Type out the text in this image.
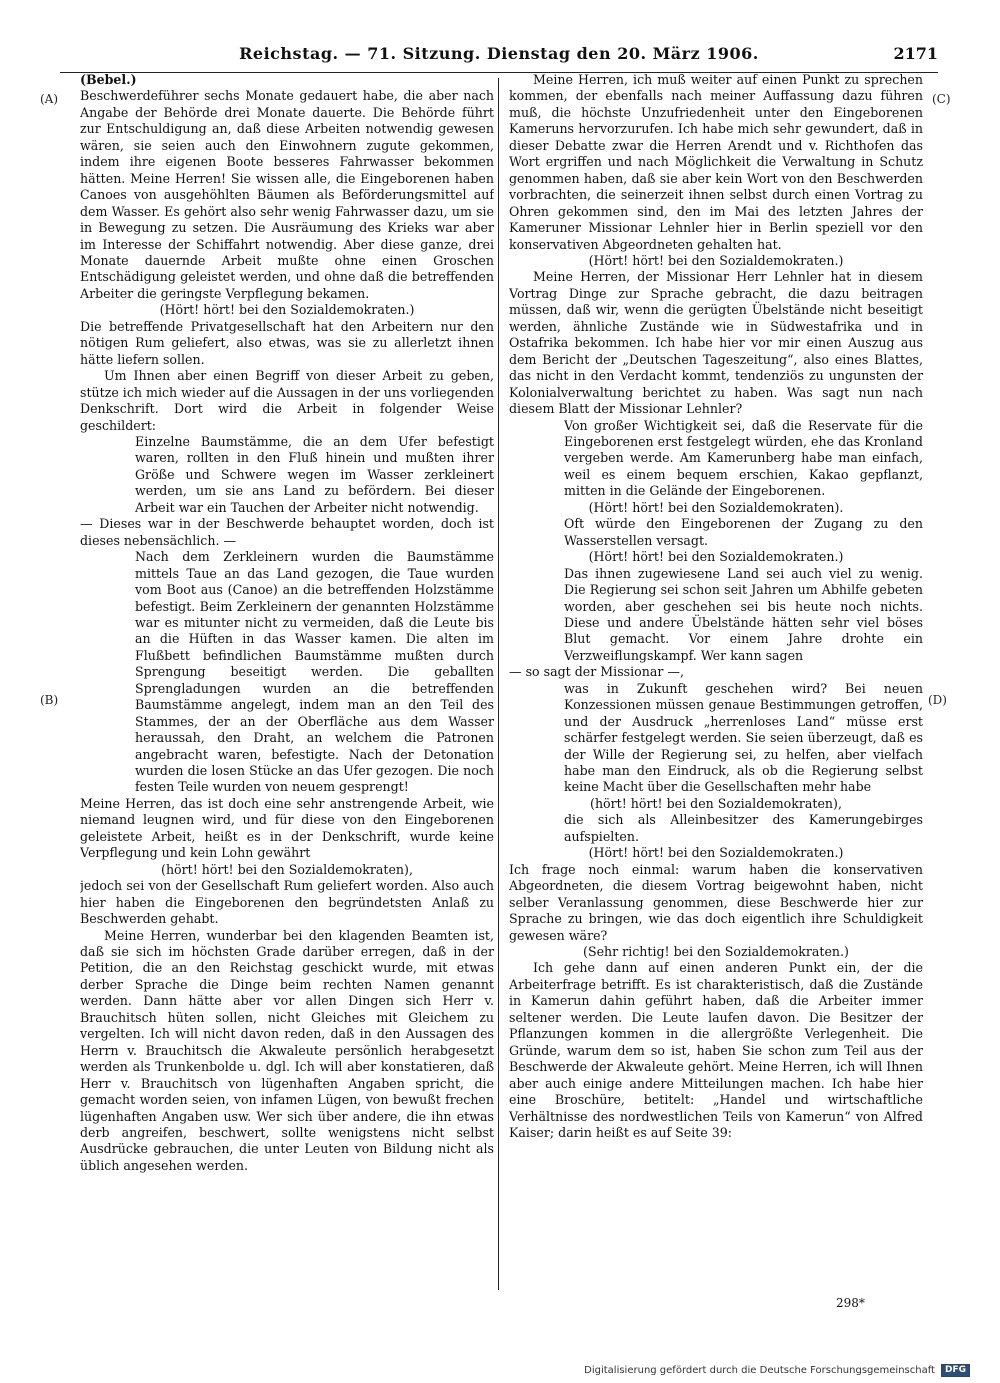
Reichstag. — 71. Sitzung. Dienstag den 20. März 1906.	2171
(A)
(B)
(C)
(D)

(Bebel.)

Beschwerdeführer sechs Monate gedauert habe, die aber nach Angabe der Behörde drei Monate dauerte. Die Behörde führt zur Entschuldigung an, daß diese Arbeiten notwendig gewesen wären, sie seien auch den Einwohnern zugute gekommen, indem ihre eigenen Boote besseres Fahrwasser bekommen hätten. Meine Herren! Sie wissen alle, die Eingeborenen haben Canoes von ausgehöhlten Bäumen als Beförderungsmittel auf dem Wasser. Es gehört also sehr wenig Fahrwasser dazu, um sie in Bewegung zu setzen. Die Ausräumung des Krieks war aber im Interesse der Schiffahrt notwendig. Aber diese ganze, drei Monate dauernde Arbeit mußte ohne einen Groschen Entschädigung geleistet werden, und ohne daß die betreffenden Arbeiter die geringste Verpflegung bekamen.

(Hört! hört! bei den Sozialdemokraten.)

Die betreffende Privatgesellschaft hat den Arbeitern nur den nötigen Rum geliefert, also etwas, was sie zu allerletzt ihnen hätte liefern sollen.

Um Ihnen aber einen Begriff von dieser Arbeit zu geben, stütze ich mich wieder auf die Aussagen in der uns vorliegenden Denkschrift. Dort wird die Arbeit in folgender Weise geschildert:

Einzelne Baumstämme, die an dem Ufer befestigt waren, rollten in den Fluß hinein und mußten ihrer Größe und Schwere wegen im Wasser zerkleinert werden, um sie ans Land zu befördern. Bei dieser Arbeit war ein Tauchen der Arbeiter nicht notwendig.

— Dieses war in der Beschwerde behauptet worden, doch ist dieses nebensächlich. —

Nach dem Zerkleinern wurden die Baumstämme mittels Taue an das Land gezogen, die Taue wurden vom Boot aus (Canoe) an die betreffenden Holzstämme befestigt. Beim Zerkleinern der genannten Holzstämme war es mitunter nicht zu vermeiden, daß die Leute bis an die Hüften in das Wasser kamen. Die alten im Flußbett befindlichen Baumstämme mußten durch Sprengung beseitigt werden. Die geballten Sprengladungen wurden an die betreffenden Baumstämme angelegt, indem man an den Teil des Stammes, der an der Oberfläche aus dem Wasser heraussah, den Draht, an welchem die Patronen angebracht waren, befestigte. Nach der Detonation wurden die losen Stücke an das Ufer gezogen. Die noch festen Teile wurden von neuem gesprengt!

Meine Herren, das ist doch eine sehr anstrengende Arbeit, wie niemand leugnen wird, und für diese von den Eingeborenen geleistete Arbeit, heißt es in der Denkschrift, wurde keine Verpflegung und kein Lohn gewährt

(hört! hört! bei den Sozialdemokraten),

jedoch sei von der Gesellschaft Rum geliefert worden. Also auch hier haben die Eingeborenen den begründetsten Anlaß zu Beschwerden gehabt.

Meine Herren, wunderbar bei den klagenden Beamten ist, daß sie sich im höchsten Grade darüber erregen, daß in der Petition, die an den Reichstag geschickt wurde, mit etwas derber Sprache die Dinge beim rechten Namen genannt werden. Dann hätte aber vor allen Dingen sich Herr v. Brauchitsch hüten sollen, nicht Gleiches mit Gleichem zu vergelten. Ich will nicht davon reden, daß in den Aussagen des Herrn v. Brauchitsch die Akwaleute persönlich herabgesetzt werden als Trunkenbolde u. dgl. Ich will aber konstatieren, daß Herr v. Brauchitsch von lügenhaften Angaben spricht, die gemacht worden seien, von infamen Lügen, von bewußt frechen lügenhaften Angaben usw. Wer sich über andere, die ihn etwas derb angreifen, beschwert, sollte wenigstens nicht selbst Ausdrücke gebrauchen, die unter Leuten von Bildung nicht als üblich angesehen werden.

Meine Herren, ich muß weiter auf einen Punkt zu sprechen kommen, der ebenfalls nach meiner Auffassung dazu führen muß, die höchste Unzufriedenheit unter den Eingeborenen Kameruns hervorzurufen. Ich habe mich sehr gewundert, daß in dieser Debatte zwar die Herren Arendt und v. Richthofen das Wort ergriffen und nach Möglichkeit die Verwaltung in Schutz genommen haben, daß sie aber kein Wort von den Beschwerden vorbrachten, die seinerzeit ihnen selbst durch einen Vortrag zu Ohren gekommen sind, den im Mai des letzten Jahres der Kameruner Missionar Lehnler hier in Berlin speziell vor den konservativen Abgeordneten gehalten hat.

(Hört! hört! bei den Sozialdemokraten.)

Meine Herren, der Missionar Herr Lehnler hat in diesem Vortrag Dinge zur Sprache gebracht, die dazu beitragen müssen, daß wir, wenn die gerügten Übelstände nicht beseitigt werden, ähnliche Zustände wie in Südwestafrika und in Ostafrika bekommen. Ich habe hier vor mir einen Auszug aus dem Bericht der „Deutschen Tageszeitung“, also eines Blattes, das nicht in den Verdacht kommt, tendenziös zu ungunsten der Kolonialverwaltung berichtet zu haben. Was sagt nun nach diesem Blatt der Missionar Lehnler?

Von großer Wichtigkeit sei, daß die Reservate für die Eingeborenen erst festgelegt würden, ehe das Kronland vergeben werde. Am Kamerunberg habe man einfach, weil es einem bequem erschien, Kakao gepflanzt, mitten in die Gelände der Eingeborenen.

(Hört! hört! bei den Sozialdemokraten).

Oft würde den Eingeborenen der Zugang zu den Wasserstellen versagt.

(Hört! hört! bei den Sozialdemokraten.)

Das ihnen zugewiesene Land sei auch viel zu wenig. Die Regierung sei schon seit Jahren um Abhilfe gebeten worden, aber geschehen sei bis heute noch nichts. Diese und andere Übelstände hätten sehr viel böses Blut gemacht. Vor einem Jahre drohte ein Verzweiflungskampf. Wer kann sagen

— so sagt der Missionar —,

was in Zukunft geschehen wird? Bei neuen Konzessionen müssen genaue Bestimmungen getroffen, und der Ausdruck „herrenloses Land“ müsse erst schärfer festgelegt werden. Sie seien überzeugt, daß es der Wille der Regierung sei, zu helfen, aber vielfach habe man den Eindruck, als ob die Regierung selbst keine Macht über die Gesellschaften mehr habe

(hört! hört! bei den Sozialdemokraten),

die sich als Alleinbesitzer des Kamerungebirges aufspielten.

(Hört! hört! bei den Sozialdemokraten.)

Ich frage noch einmal: warum haben die konservativen Abgeordneten, die diesem Vortrag beigewohnt haben, nicht selber Veranlassung genommen, diese Beschwerde hier zur Sprache zu bringen, wie das doch eigentlich ihre Schuldigkeit gewesen wäre?

(Sehr richtig! bei den Sozialdemokraten.)

Ich gehe dann auf einen anderen Punkt ein, der die Arbeiterfrage betrifft. Es ist charakteristisch, daß die Zustände in Kamerun dahin geführt haben, daß die Arbeiter immer seltener werden. Die Leute laufen davon. Die Besitzer der Pflanzungen kommen in die allergrößte Verlegenheit. Die Gründe, warum dem so ist, haben Sie schon zum Teil aus der Beschwerde der Akwaleute gehört. Meine Herren, ich will Ihnen aber auch einige andere Mitteilungen machen. Ich habe hier eine Broschüre, betitelt: „Handel und wirtschaftliche Verhältnisse des nordwestlichen Teils von Kamerun“ von Alfred Kaiser; darin heißt es auf Seite 39:

298*
Digitalisierung gefördert durch die Deutsche Forschungsgemeinschaft	DFG
